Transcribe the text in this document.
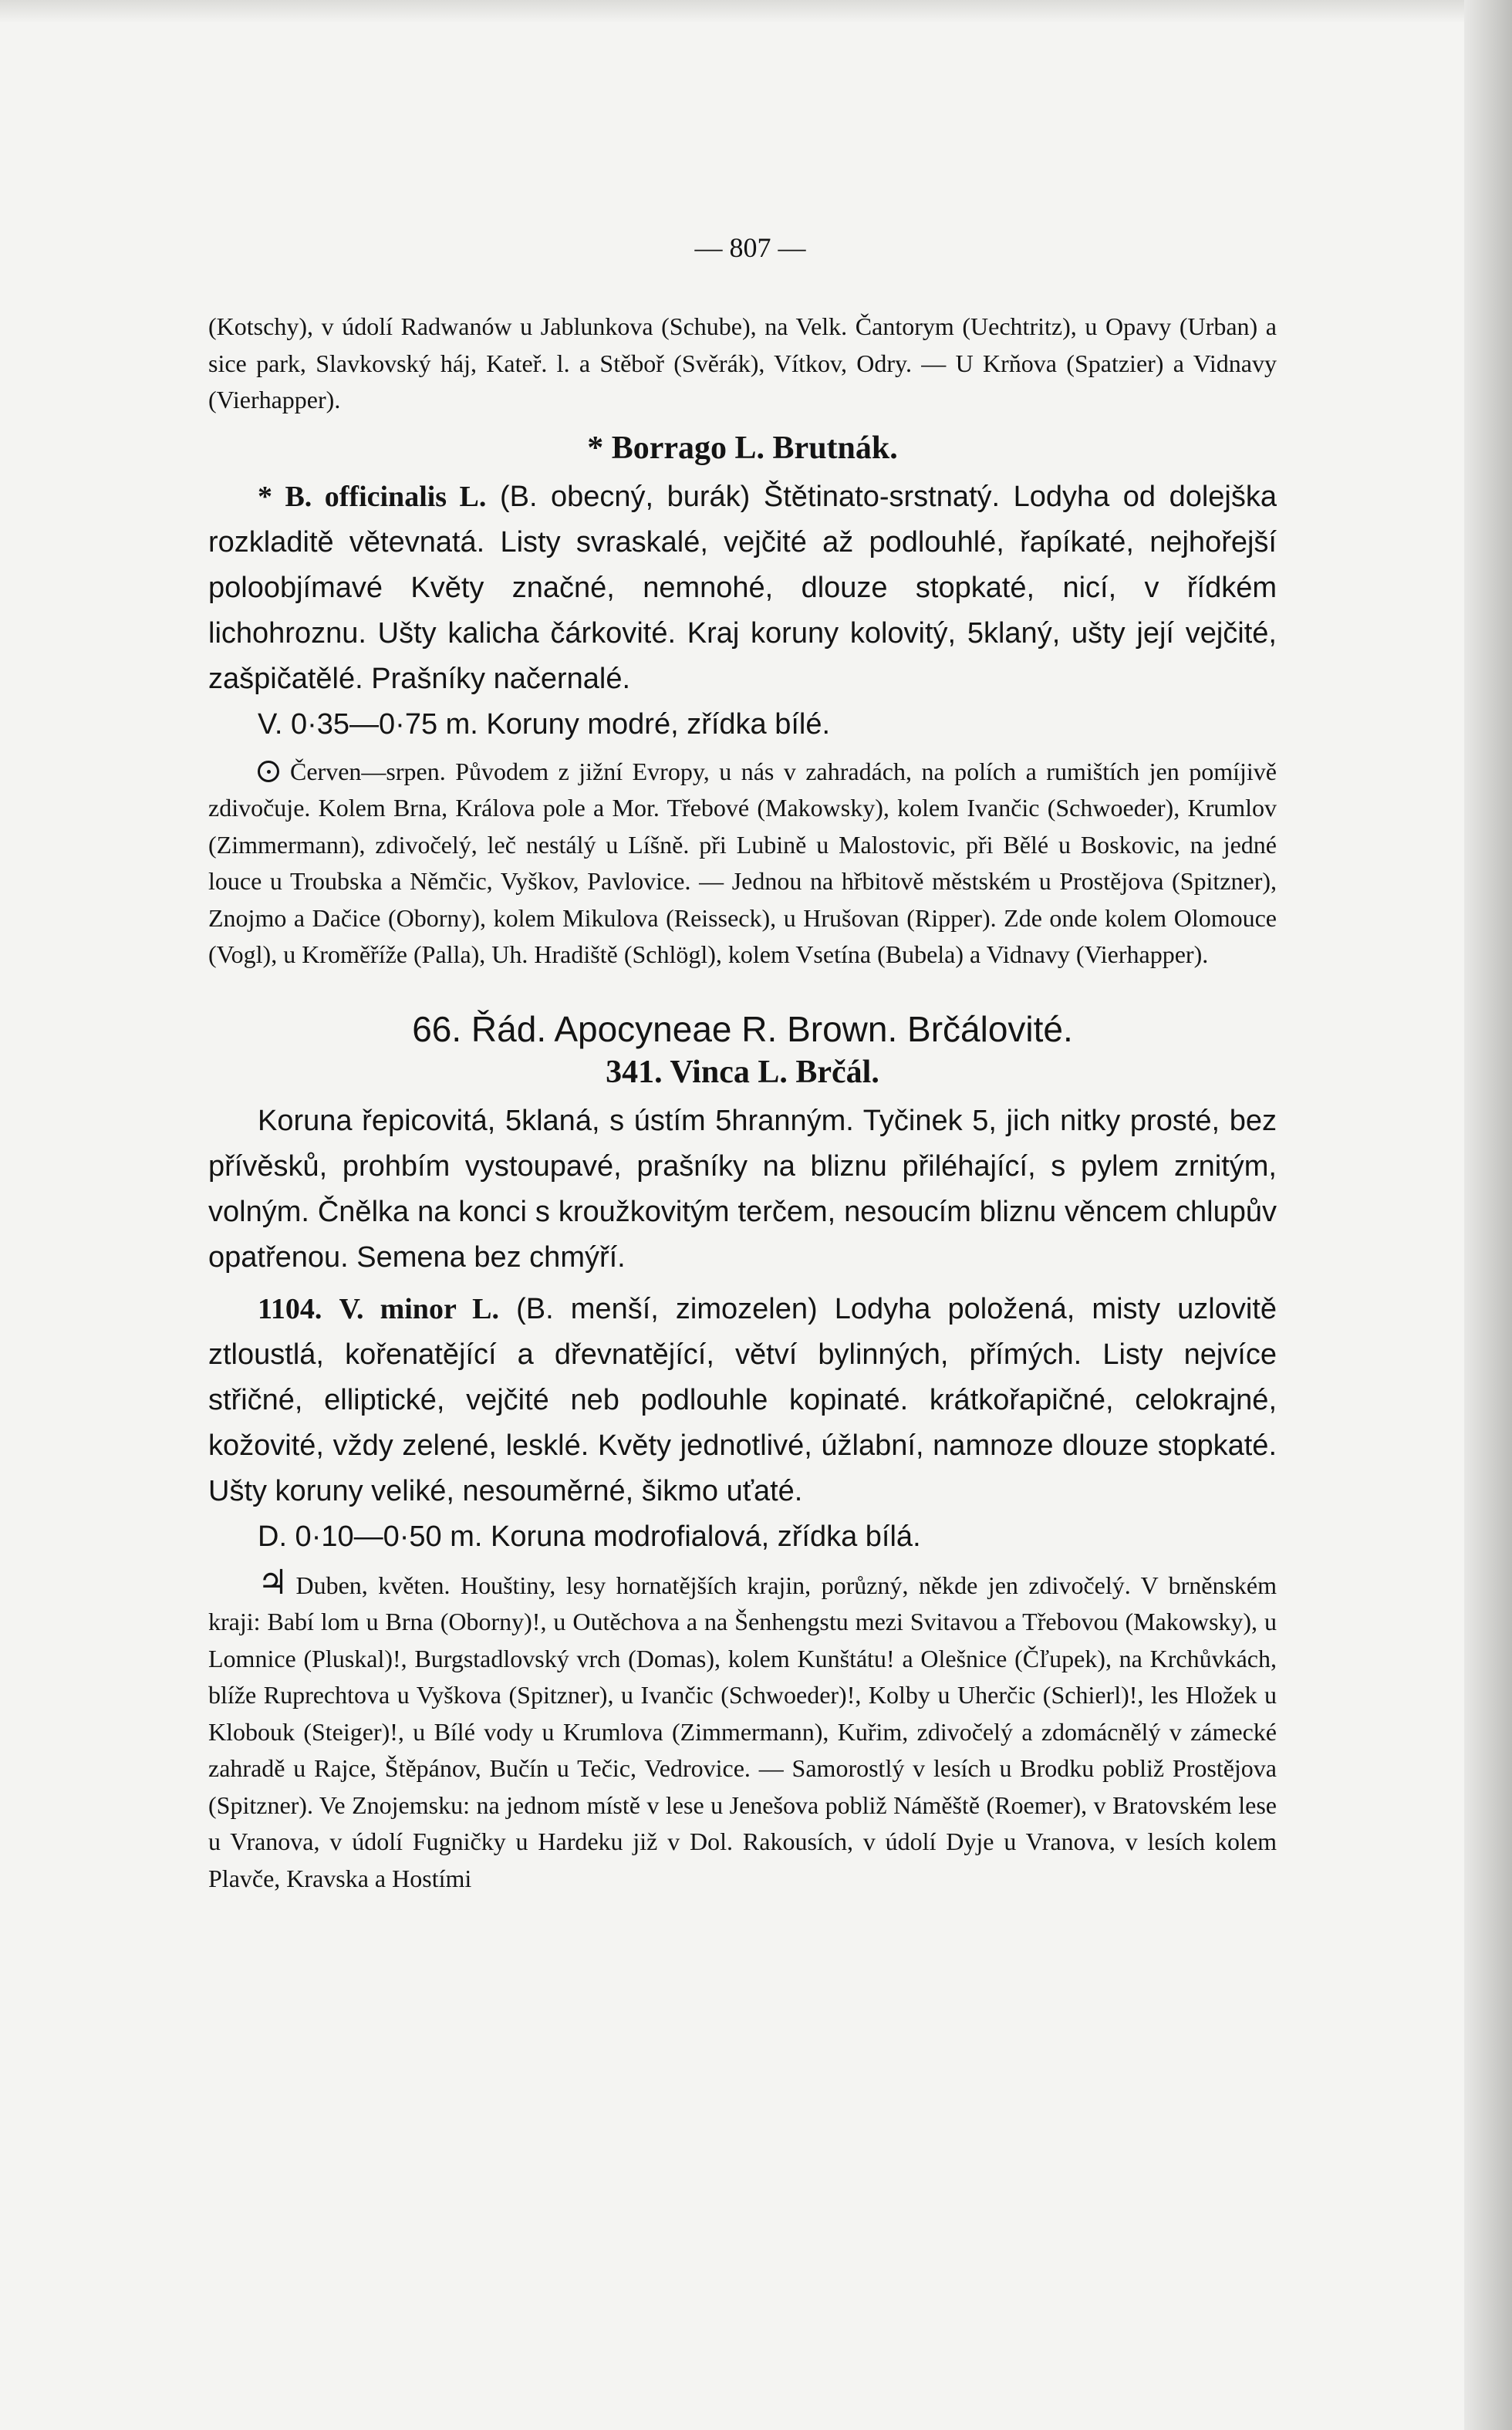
— 807 —

(Kotschy), v údolí Radwanów u Jablunkova (Schube), na Velk. Čantorym (Uechtritz), u Opavy (Urban) a sice park, Slavkovský háj, Kateř. l. a Stěboř (Svěrák), Vítkov, Odry. — U Krňova (Spatzier) a Vidnavy (Vierhapper).

* Borrago L. Brutnák.

* B. officinalis L. (B. obecný, burák) Štětinato-srstnatý. Lodyha od dolejška rozkladitě větevnatá. Listy svraskalé, vejčité až podlouhlé, řapíkaté, nejhořejší poloobjímavé Květy značné, nemnohé, dlouze stopkaté, nicí, v řídkém lichohroznu. Ušty kalicha čárkovité. Kraj koruny kolovitý, 5klaný, ušty její vejčité, zašpičatělé. Prašníky načernalé.

V. 0·35—0·75 m. Koruny modré, zřídka bílé.

Červen—srpen. Původem z jižní Evropy, u nás v zahradách, na polích a rumištích jen pomíjivě zdivočuje. Kolem Brna, Králova pole a Mor. Třebové (Makowsky), kolem Ivančic (Schwoeder), Krumlov (Zimmermann), zdivočelý, leč nestálý u Líšně. při Lubině u Malostovic, při Bělé u Boskovic, na jedné louce u Troubska a Němčic, Vyškov, Pavlovice. — Jednou na hřbitově městském u Prostějova (Spitzner), Znojmo a Dačice (Oborny), kolem Mikulova (Reisseck), u Hrušovan (Ripper). Zde onde kolem Olomouce (Vogl), u Kroměříže (Palla), Uh. Hradiště (Schlögl), kolem Vsetína (Bubela) a Vidnavy (Vierhapper).

66. Řád. Apocyneae R. Brown. Brčálovité.
341. Vinca L. Brčál.

Koruna řepicovitá, 5klaná, s ústím 5hranným. Tyčinek 5, jich nitky prosté, bez přívěsků, prohbím vystoupavé, prašníky na bliznu přiléhající, s pylem zrnitým, volným. Čnělka na konci s kroužkovitým terčem, nesoucím bliznu věncem chlupův opatřenou. Semena bez chmýří.

1104. V. minor L. (B. menší, zimozelen) Lodyha položená, misty uzlovitě ztloustlá, kořenatějící a dřevnatějící, větví bylinných, přímých. Listy nejvíce střičné, elliptické, vejčité neb podlouhle kopinaté. krátkořapičné, celokrajné, kožovité, vždy zelené, lesklé. Květy jednotlivé, úžlabní, namnoze dlouze stopkaté. Ušty koruny veliké, nesouměrné, šikmo uťaté.

D. 0·10—0·50 m. Koruna modrofialová, zřídka bílá.

♃ Duben, květen. Houštiny, lesy hornatějších krajin, porůzný, někde jen zdivočelý. V brněnském kraji: Babí lom u Brna (Oborny)!, u Outěchova a na Šenhengstu mezi Svitavou a Třebovou (Makowsky), u Lomnice (Pluskal)!, Burgstadlovský vrch (Domas), kolem Kunštátu! a Olešnice (Čľupek), na Krchůvkách, blíže Ruprechtova u Vyškova (Spitzner), u Ivančic (Schwoeder)!, Kolby u Uherčic (Schierl)!, les Hložek u Klobouk (Steiger)!, u Bílé vody u Krumlova (Zimmermann), Kuřim, zdivočelý a zdomácnělý v zámecké zahradě u Rajce, Štěpánov, Bučín u Tečic, Vedrovice. — Samorostlý v lesích u Brodku pobliž Prostějova (Spitzner). Ve Znojemsku: na jednom místě v lese u Jenešova pobliž Náměště (Roemer), v Bratovském lese u Vranova, v údolí Fugničky u Hardeku již v Dol. Rakousích, v údolí Dyje u Vranova, v lesích kolem Plavče, Kravska a Hostími
